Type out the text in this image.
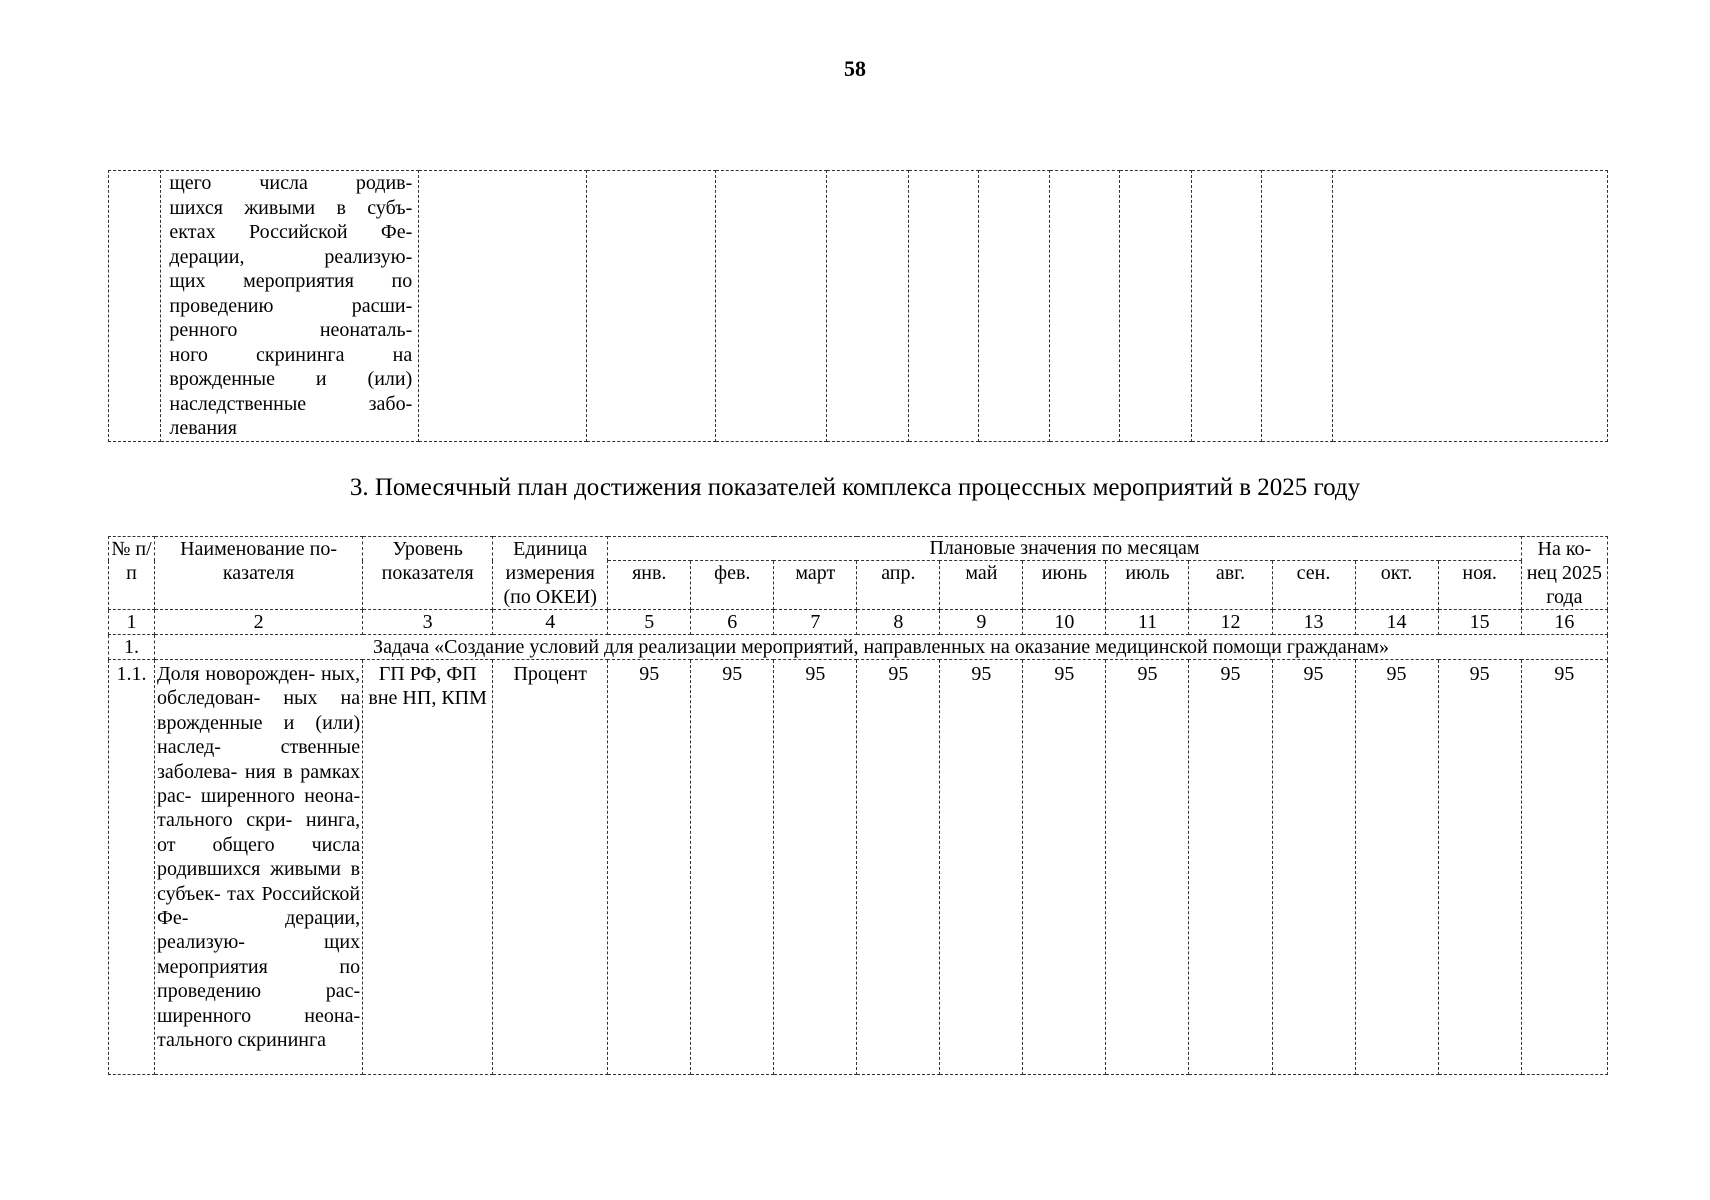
58

щего числа родив-
шихся живыми в субъ-
ектах Российской Фе-
дерации, реализую-
щих мероприятия по
проведению расши-
ренного неонаталь-
ного скрининга на
врожденные и (или)
наследственные забо-
левания

3. Помесячный план достижения показателей комплекса процессных мероприятий в 2025 году
№ п/п	Наименование по- казателя	Уровень показателя	Единица измерения (по ОКЕИ)	Плановые значения по месяцам											На ко- нец 2025 года
				янв.	фев.	март	апр.	май	июнь	июль	авг.	сен.	окт.	ноя.	
1	2	3	4	5	6	7	8	9	10	11	12	13	14	15	16
1.	Задача «Создание условий для реализации мероприятий, направленных на оказание медицинской помощи гражданам»														
1.1.	Доля новорожден- ных, обследован- ных на врожденные и (или) наслед- ственные заболева- ния в рамках рас- ширенного неона- тального скри- нинга, от общего числа родившихся живыми в субъек- тах Российской Фе- дерации, реализую- щих мероприятия по проведению рас- ширенного неона- тального скрининга	ГП РФ, ФП вне НП, КПМ	Процент	95	95	95	95	95	95	95	95	95	95	95	95
